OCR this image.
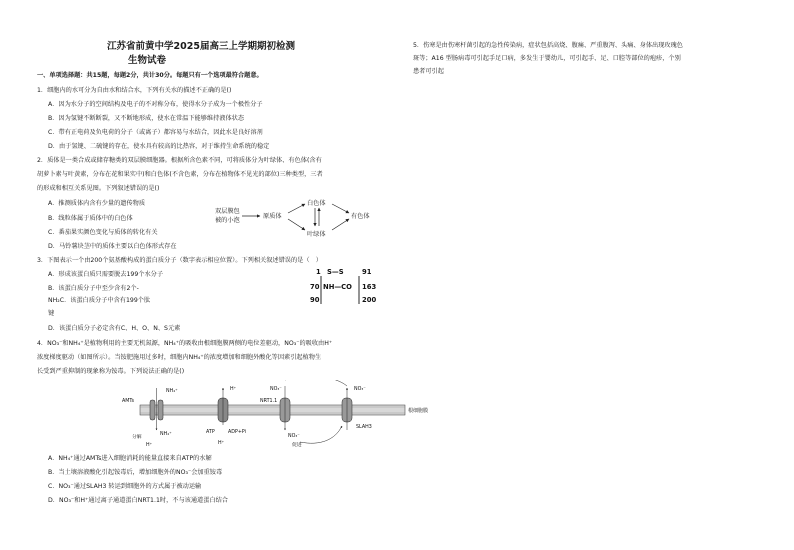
江苏省前黄中学2025届高三上学期期初检测
生物试卷
一、单项选择题：共15题，每题2分，共计30分。每题只有一个选项最符合题意。
1．细胞内的水可分为自由水和结合水，下列有关水的描述不正确的是()
A．因为水分子的空间结构及电子的不对称分布，使得水分子成为一个极性分子
B．因为氢键不断断裂，又不断地形成，使水在常温下能够维持液体状态
C．带有正电荷及负电荷的分子（或离子）都容易与水结合，因此水是良好溶剂
D．由于氢键、二硫键的存在，使水具有较高的比热容，对于维持生命系统的稳定
2．质体是一类合成或储存糖类的双层膜细胞器。根据所含色素不同，可将质体分为叶绿体、有色体(含有
胡萝卜素与叶黄素，分布在花和果实中)和白色体(不含色素，分布在植物体不见光的部位)三种类型，三者
的形成和相互关系见图。下列叙述错误的是()
A．推测质体内含有少量的遗传物质
B．线粒体属于质体中的白色体
C．番茄果实颜色变化与质体的转化有关
D．马铃薯块茎中的质体主要以白色体形式存在
双层膜包
被的小泡
原质体
白色体
叶绿体
有色体
3．下图表示一个由200个氨基酸构成的蛋白质分子（数字表示相应位置）。下列相关叙述错误的是（　）
A．形成该蛋白质只需要脱去199个水分子
B．该蛋白质分子中至少含有2个-
NH₂C．该蛋白质分子中含有199个肽
键
D．该蛋白质分子必定含有C、H、O、N、S元素
1 S—S	91
70 NH—CO 163
90	200
4．NO₃⁻和NH₄⁺是植物利用的主要无机氮源，NH₄⁺的吸收由根细胞膜两侧的电位差驱动，NO₃⁻的吸收由H⁺
浓度梯度驱动（如图所示）。当铵肥施用过多时，细胞内NH₄⁺的浓度增加和细胞外酸化等因素引起植物生
长受到严重抑制的现象称为铵毒。下列说法正确的是()
根细胞膜
AMTs
NH₄⁺
NH₄⁺
分解
H⁺
H⁺
ATP	ADP+Pi
H⁺
NRT1.1
NO₃⁻
NO₃⁻
促进
SLAH3
NO₃⁻
A．NH₄⁺通过AMTs进入细胞消耗的能量直接来自ATP的水解
B．当土壤溶液酸化引起铵毒后，增加细胞外的NO₃⁻会加重铵毒
C．NO₃⁻通过SLAH3 转运到细胞外的方式属于被动运输
D．NO₃⁻和H⁺通过离子通道蛋白NRT1.1时，不与该通道蛋白结合
5．伤寒是由伤寒杆菌引起的急性传染病，症状包括高烧、腹痛、严重腹泻、头痛、身体出现玫瑰色
斑等；A16 型肠病毒可引起手足口病，多发生于婴幼儿，可引起手、足、口腔等部位的疱疹，个别
患者可引起
